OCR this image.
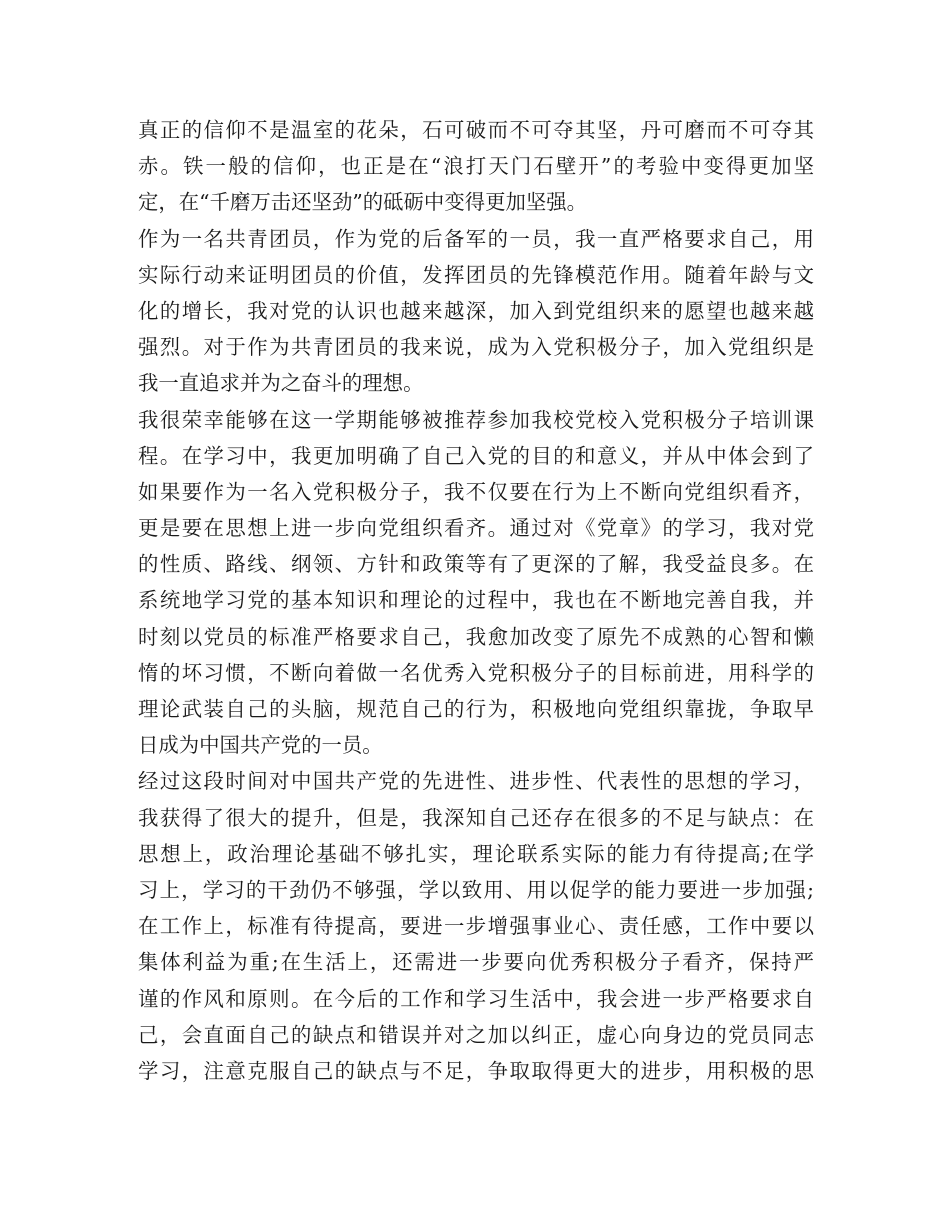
真正的信仰不是温室的花朵，石可破而不可夺其坚，丹可磨而不可夺其
赤。铁一般的信仰，也正是在“浪打天门石壁开”的考验中变得更加坚
定，在“千磨万击还坚劲”的砥砺中变得更加坚强。
作为一名共青团员，作为党的后备军的一员，我一直严格要求自己，用
实际行动来证明团员的价值，发挥团员的先锋模范作用。随着年龄与文
化的增长，我对党的认识也越来越深，加入到党组织来的愿望也越来越
强烈。对于作为共青团员的我来说，成为入党积极分子，加入党组织是
我一直追求并为之奋斗的理想。
我很荣幸能够在这一学期能够被推荐参加我校党校入党积极分子培训课
程。在学习中，我更加明确了自己入党的目的和意义，并从中体会到了
如果要作为一名入党积极分子，我不仅要在行为上不断向党组织看齐，
更是要在思想上进一步向党组织看齐。通过对《党章》的学习，我对党
的性质、路线、纲领、方针和政策等有了更深的了解，我受益良多。在
系统地学习党的基本知识和理论的过程中，我也在不断地完善自我，并
时刻以党员的标准严格要求自己，我愈加改变了原先不成熟的心智和懒
惰的坏习惯，不断向着做一名优秀入党积极分子的目标前进，用科学的
理论武装自己的头脑，规范自己的行为，积极地向党组织靠拢，争取早
日成为中国共产党的一员。
经过这段时间对中国共产党的先进性、进步性、代表性的思想的学习，
我获得了很大的提升，但是，我深知自己还存在很多的不足与缺点：在
思想上，政治理论基础不够扎实，理论联系实际的能力有待提高;在学
习上，学习的干劲仍不够强，学以致用、用以促学的能力要进一步加强;
在工作上，标准有待提高，要进一步增强事业心、责任感，工作中要以
集体利益为重;在生活上，还需进一步要向优秀积极分子看齐，保持严
谨的作风和原则。在今后的工作和学习生活中，我会进一步严格要求自
己，会直面自己的缺点和错误并对之加以纠正，虚心向身边的党员同志
学习，注意克服自己的缺点与不足，争取取得更大的进步，用积极的思
